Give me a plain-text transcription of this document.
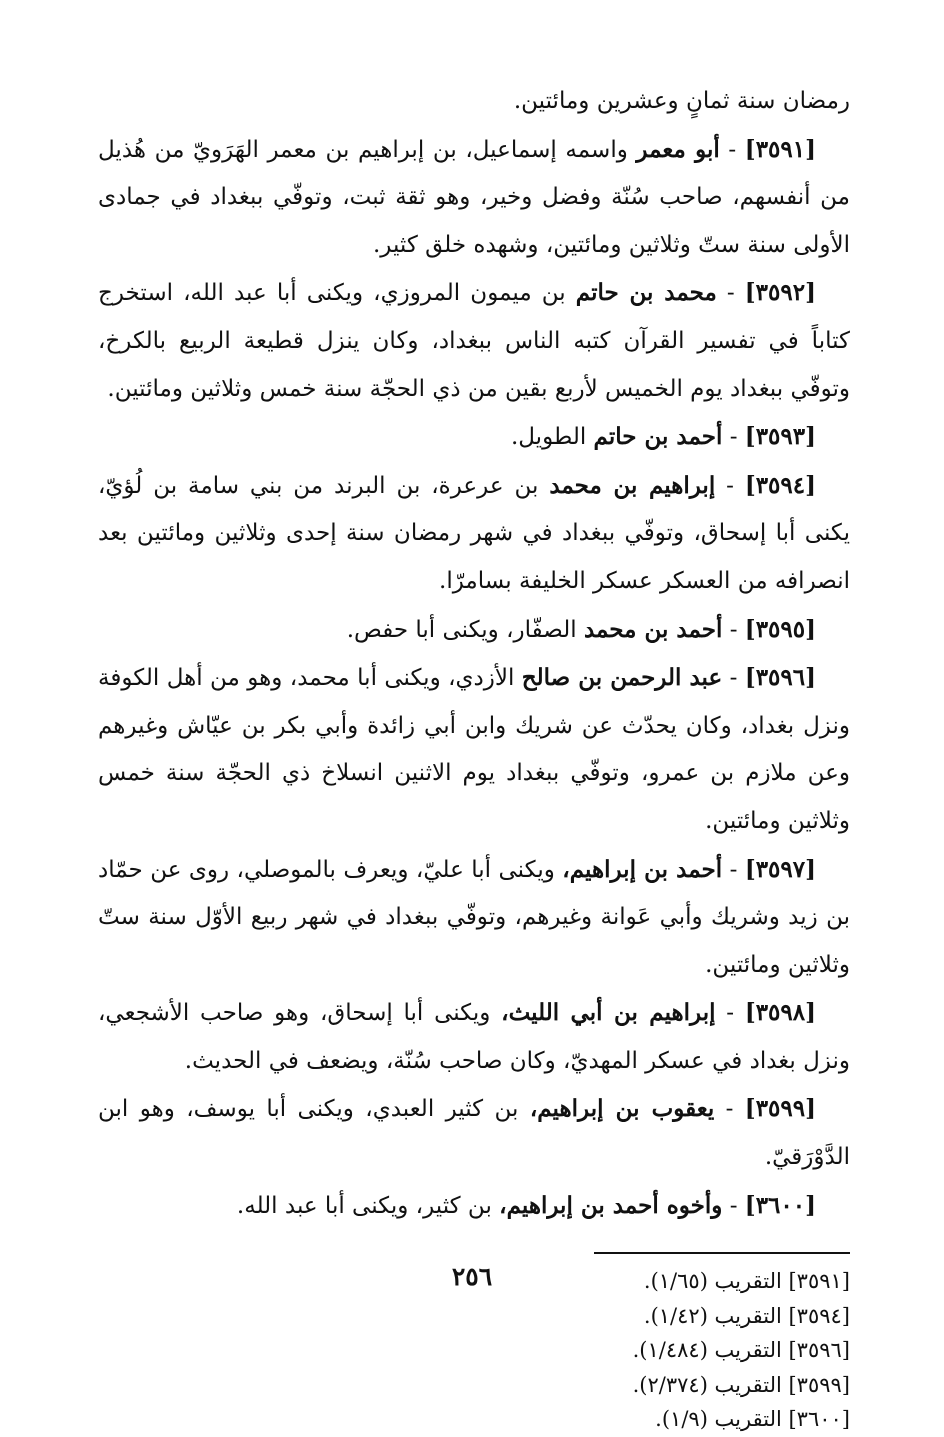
رمضان سنة ثمانٍ وعشرين ومائتين.

[٣٥٩١] - أبو معمر واسمه إسماعيل، بن إبراهيم بن معمر الهَرَويّ من هُذيل من أنفسهم، صاحب سُنّة وفضل وخير، وهو ثقة ثبت، وتوفّي ببغداد في جمادى الأولى سنة ستّ وثلاثين ومائتين، وشهده خلق كثير.

[٣٥٩٢] - محمد بن حاتم بن ميمون المروزي، ويكنى أبا عبد الله، استخرج كتاباً في تفسير القرآن كتبه الناس ببغداد، وكان ينزل قطيعة الربيع بالكرخ، وتوفّي ببغداد يوم الخميس لأربع بقين من ذي الحجّة سنة خمس وثلاثين ومائتين.

[٣٥٩٣] - أحمد بن حاتم الطويل.

[٣٥٩٤] - إبراهيم بن محمد بن عرعرة، بن البرند من بني سامة بن لُؤيّ، يكنى أبا إسحاق، وتوفّي ببغداد في شهر رمضان سنة إحدى وثلاثين ومائتين بعد انصرافه من العسكر عسكر الخليفة بسامرّا.

[٣٥٩٥] - أحمد بن محمد الصفّار، ويكنى أبا حفص.

[٣٥٩٦] - عبد الرحمن بن صالح الأزدي، ويكنى أبا محمد، وهو من أهل الكوفة ونزل بغداد، وكان يحدّث عن شريك وابن أبي زائدة وأبي بكر بن عيّاش وغيرهم وعن ملازم بن عمرو، وتوفّي ببغداد يوم الاثنين انسلاخ ذي الحجّة سنة خمس وثلاثين ومائتين.

[٣٥٩٧] - أحمد بن إبراهيم، ويكنى أبا عليّ، ويعرف بالموصلي، روى عن حمّاد بن زيد وشريك وأبي عَوانة وغيرهم، وتوفّي ببغداد في شهر ربيع الأوّل سنة ستّ وثلاثين ومائتين.

[٣٥٩٨] - إبراهيم بن أبي الليث، ويكنى أبا إسحاق، وهو صاحب الأشجعي، ونزل بغداد في عسكر المهديّ، وكان صاحب سُنّة، ويضعف في الحديث.

[٣٥٩٩] - يعقوب بن إبراهيم، بن كثير العبدي، ويكنى أبا يوسف، وهو ابن الدَّوْرَقيّ.

[٣٦٠٠] - وأخوه أحمد بن إبراهيم، بن كثير، ويكنى أبا عبد الله.

[٣٥٩١] التقريب (١/٦٥).

[٣٥٩٤] التقريب (١/٤٢).

[٣٥٩٦] التقريب (١/٤٨٤).

[٣٥٩٩] التقريب (٢/٣٧٤).

[٣٦٠٠] التقريب (١/٩).

٢٥٦
